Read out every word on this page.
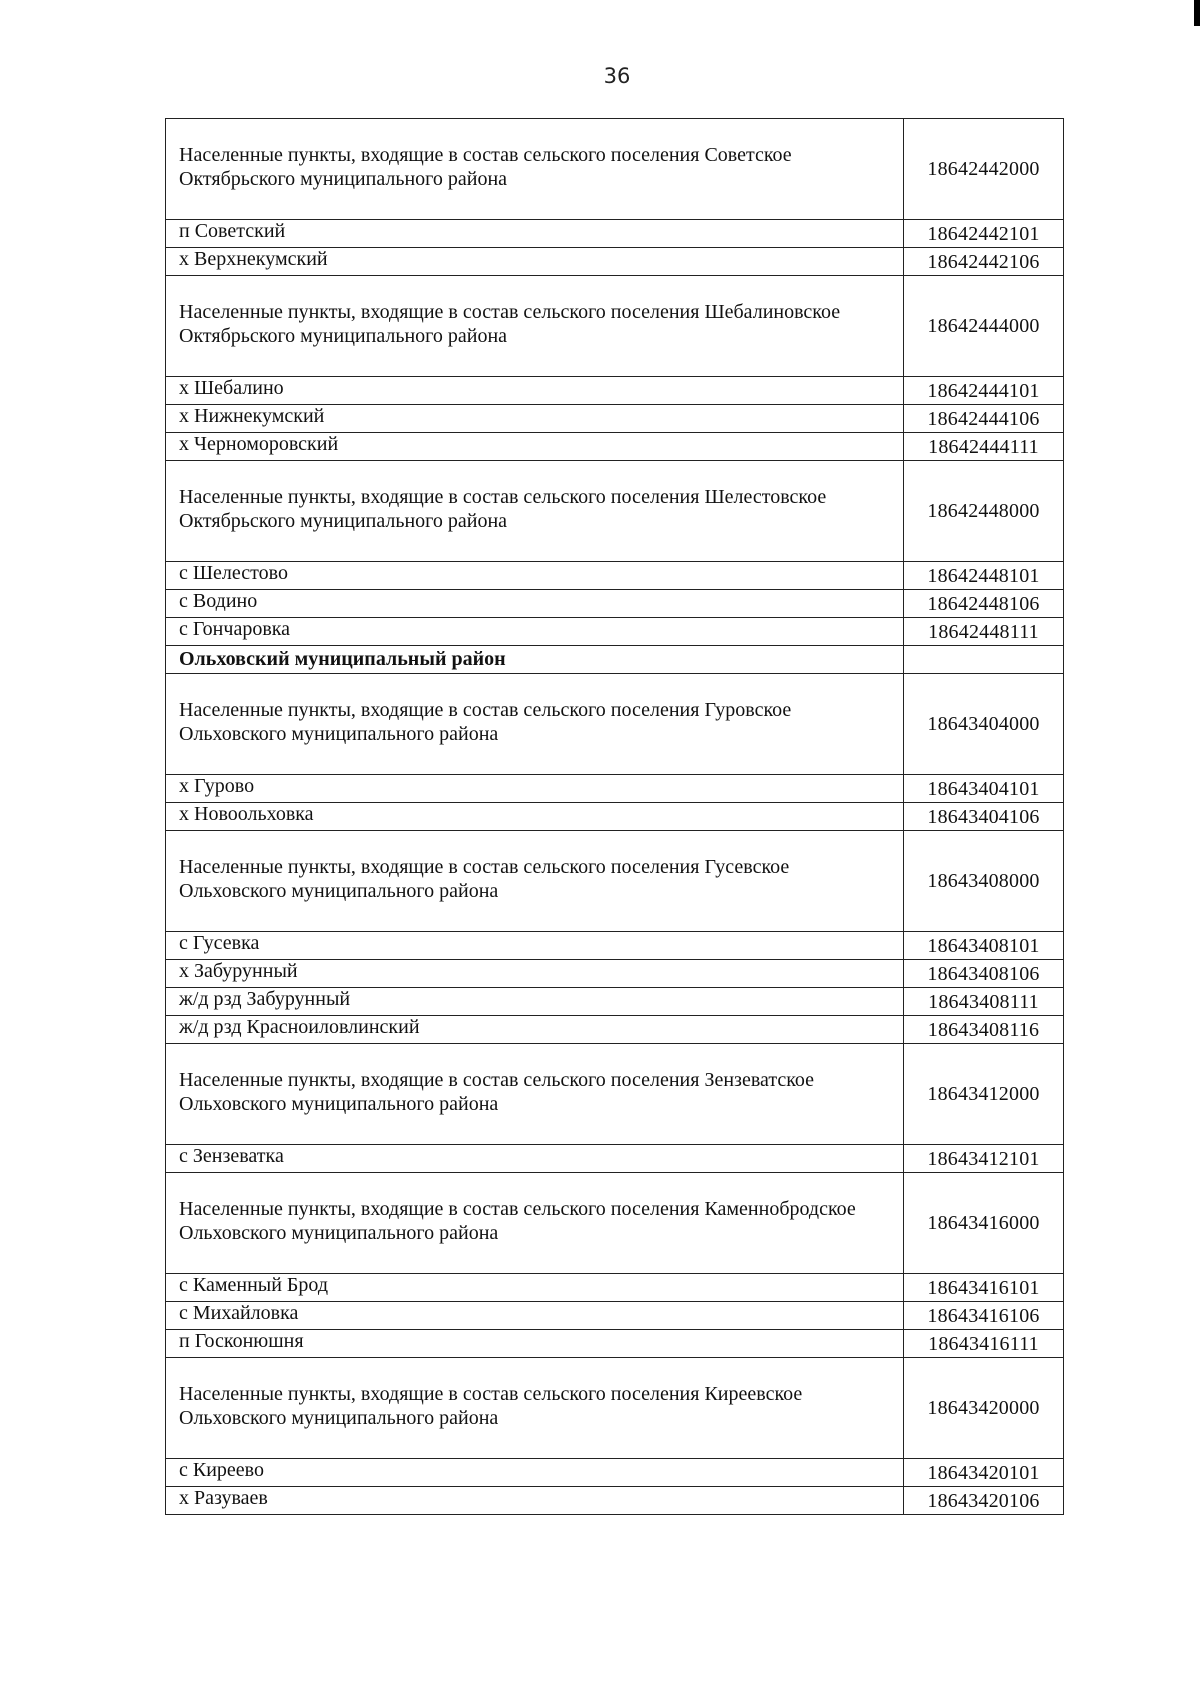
36
Населенные пункты, входящие в состав сельского поселения Советское Октябрьского муниципального района	18642442000
п Советский	18642442101
х Верхнекумский	18642442106
Населенные пункты, входящие в состав сельского поселения Шебалиновское Октябрьского муниципального района	18642444000
х Шебалино	18642444101
х Нижнекумский	18642444106
х Черноморовский	18642444111
Населенные пункты, входящие в состав сельского поселения Шелестовское Октябрьского муниципального района	18642448000
с Шелестово	18642448101
с Водино	18642448106
с Гончаровка	18642448111
Ольховский муниципальный район	
Населенные пункты, входящие в состав сельского поселения Гуровское Ольховского муниципального района	18643404000
х Гурово	18643404101
х Новоольховка	18643404106
Населенные пункты, входящие в состав сельского поселения Гусевское Ольховского муниципального района	18643408000
с Гусевка	18643408101
х Забурунный	18643408106
ж/д рзд Забурунный	18643408111
ж/д рзд Красноиловлинский	18643408116
Населенные пункты, входящие в состав сельского поселения Зензеватское Ольховского муниципального района	18643412000
с Зензеватка	18643412101
Населенные пункты, входящие в состав сельского поселения Каменнобродское Ольховского муниципального района	18643416000
с Каменный Брод	18643416101
с Михайловка	18643416106
п Госконюшня	18643416111
Населенные пункты, входящие в состав сельского поселения Киреевское Ольховского муниципального района	18643420000
с Киреево	18643420101
х Разуваев	18643420106
